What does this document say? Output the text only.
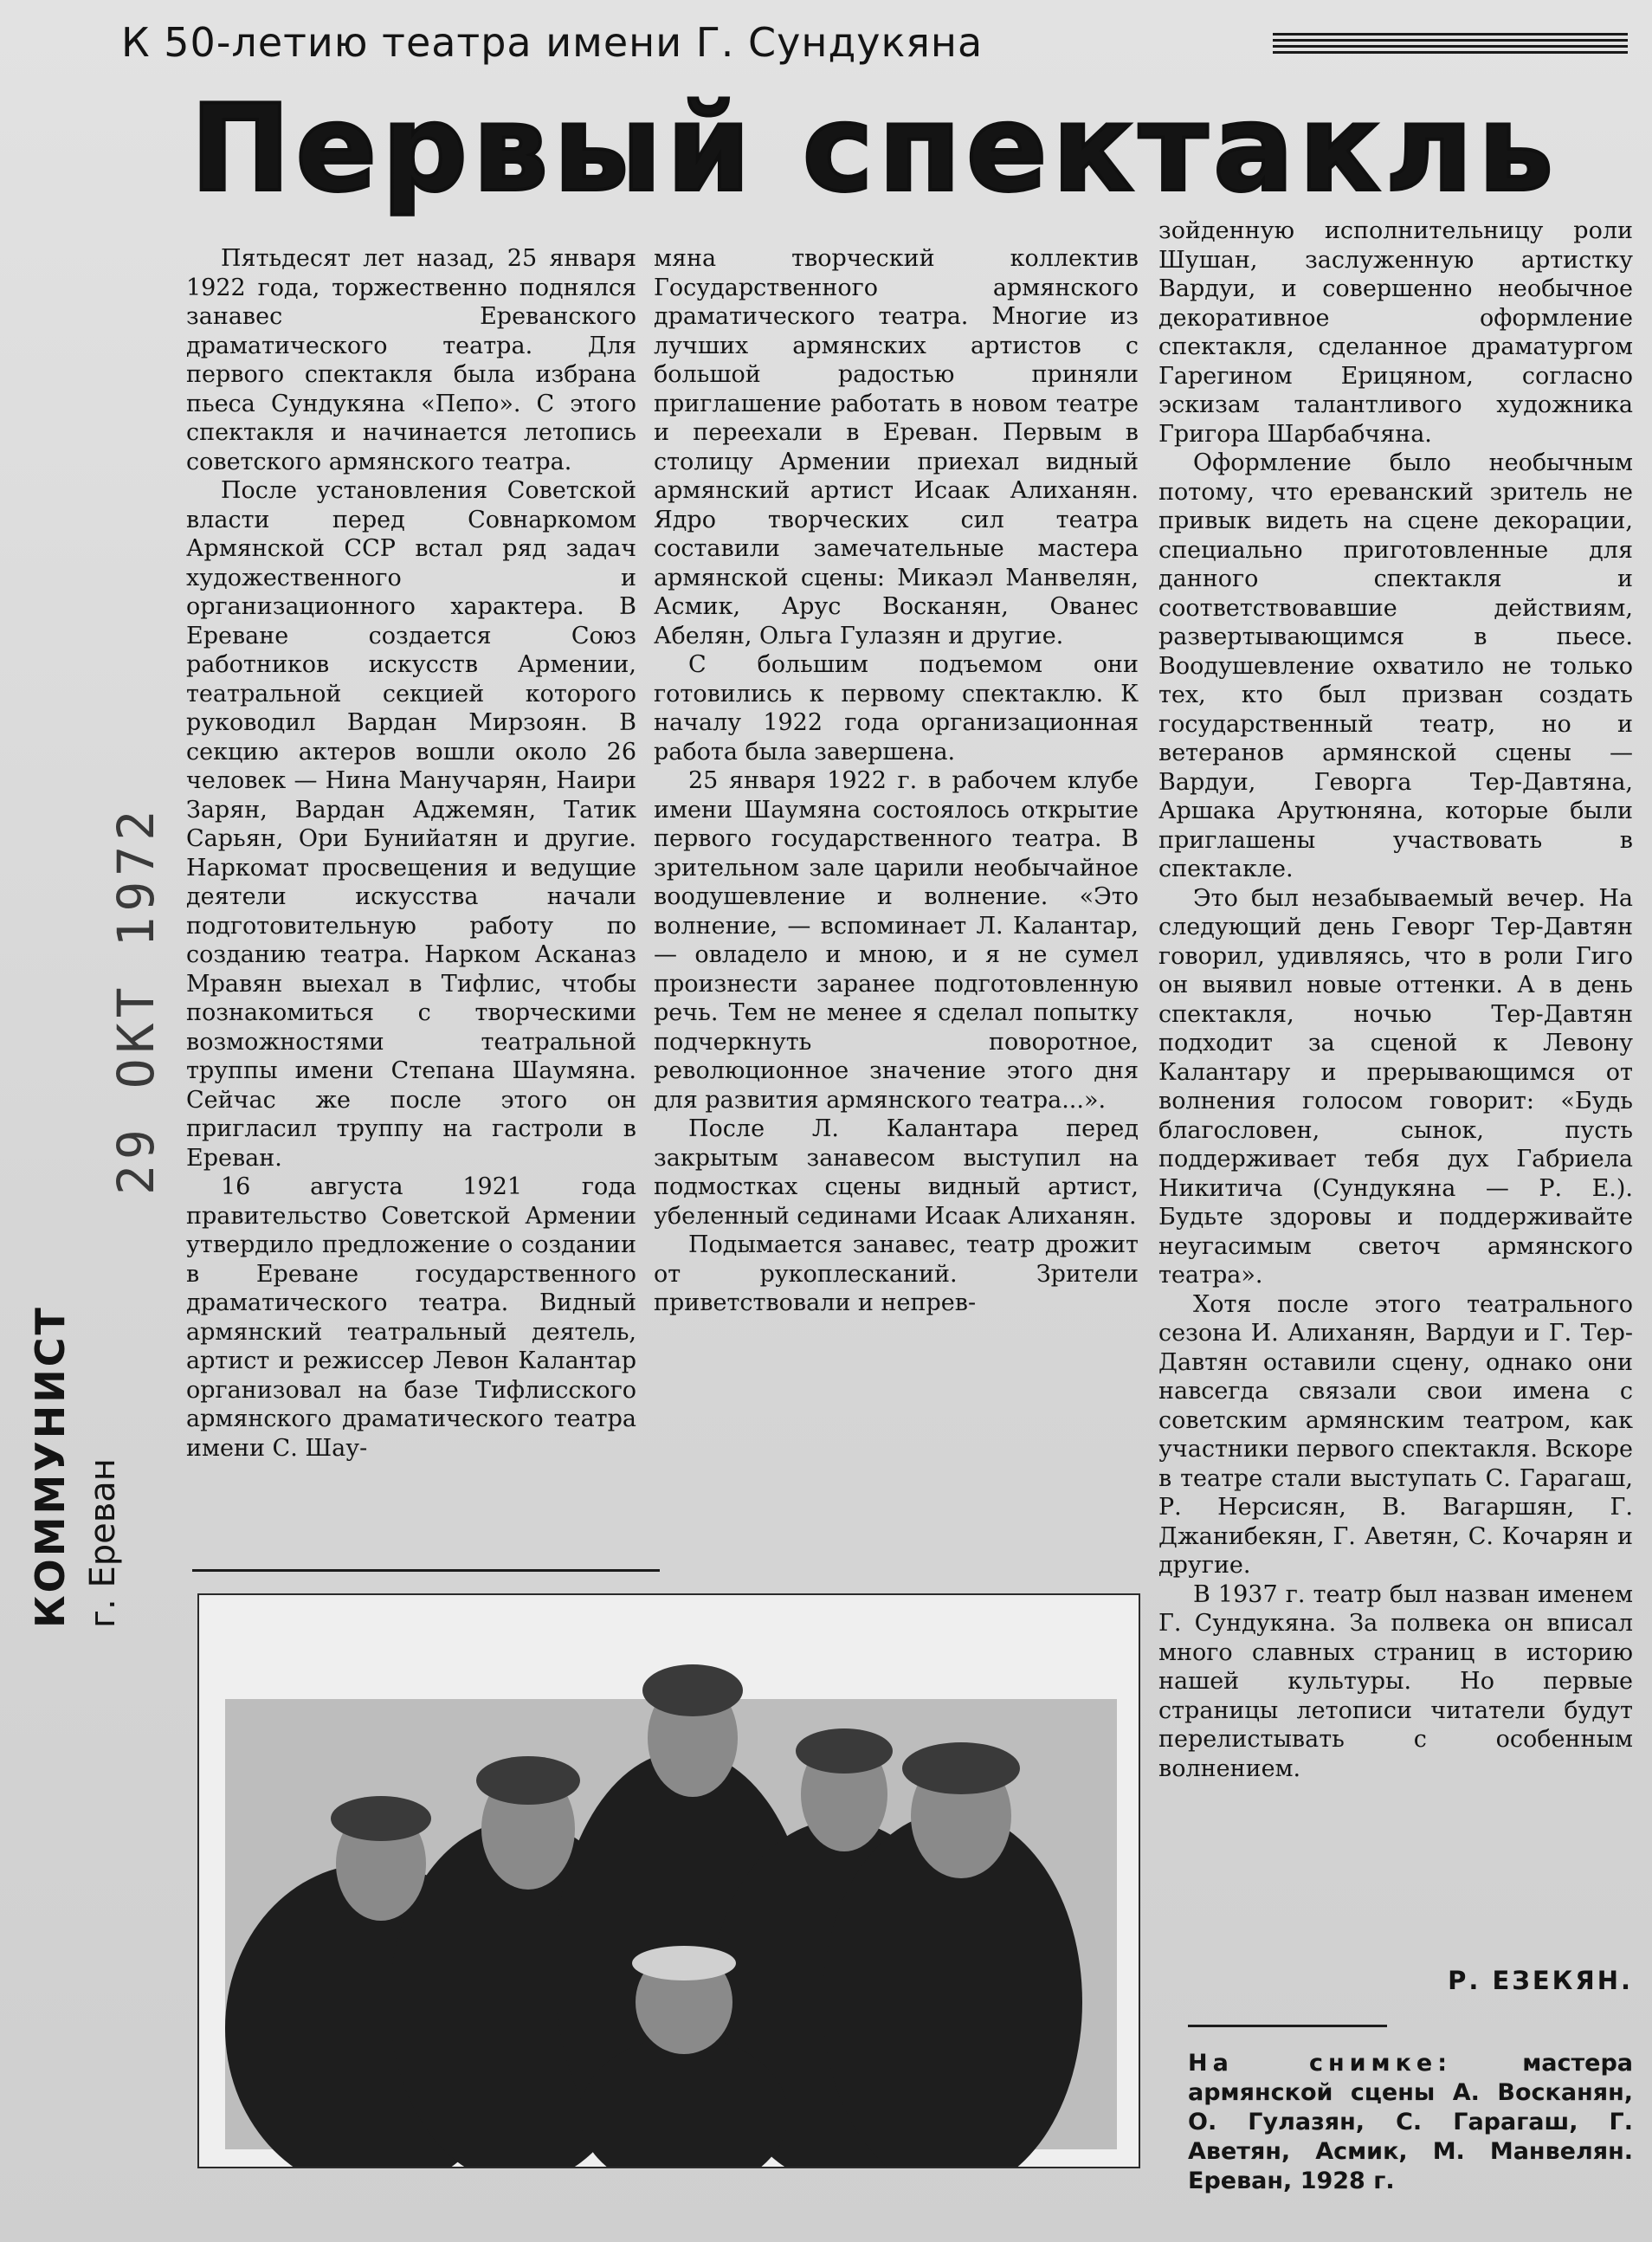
К 50-летию театра имени Г. Сундукяна
Первый спектакль
КОММУНИСТ г. Ереван
29 ОКТ 1972

Пятьдесят лет назад, 25 января 1922 года, торжественно поднялся занавес Ереванского драматического театра. Для первого спектакля была избрана пьеса Сундукяна «Пепо». С этого спектакля и начинается летопись советского армянского театра.

После установления Советской власти перед Совнаркомом Армянской ССР встал ряд задач художественного и организационного характера. В Ереване создается Союз работников искусств Армении, театральной секцией которого руководил Вардан Мирзоян. В секцию актеров вошли около 26 человек — Нина Манучарян, Наири Зарян, Вардан Аджемян, Татик Сарьян, Ори Бунийатян и другие. Наркомат просвещения и ведущие деятели искусства начали подготовительную работу по созданию театра. Нарком Асканаз Мравян выехал в Тифлис, чтобы познакомиться с творческими возможностями театральной труппы имени Степана Шаумяна. Сейчас же после этого он пригласил труппу на гастроли в Ереван.

16 августа 1921 года правительство Советской Армении утвердило предложение о создании в Ереване государственного драматического театра. Видный армянский театральный деятель, артист и режиссер Левон Калантар организовал на базе Тифлисского армянского драматического театра имени С. Шау-

мяна творческий коллектив Государственного армянского драматического театра. Многие из лучших армянских артистов с большой радостью приняли приглашение работать в новом театре и переехали в Ереван. Первым в столицу Армении приехал видный армянский артист Исаак Алиханян. Ядро творческих сил театра составили замечательные мастера армянской сцены: Микаэл Манвелян, Асмик, Арус Восканян, Ованес Абелян, Ольга Гулазян и другие.

С большим подъемом они готовились к первому спектаклю. К началу 1922 года организационная работа была завершена.

25 января 1922 г. в рабочем клубе имени Шаумяна состоялось открытие первого государственного театра. В зрительном зале царили необычайное воодушевление и волнение. «Это волнение, — вспоминает Л. Калантар, — овладело и мною, и я не сумел произнести заранее подготовленную речь. Тем не менее я сделал попытку подчеркнуть поворотное, революционное значение этого дня для развития армянского театра...».

После Л. Калантара перед закрытым занавесом выступил на подмостках сцены видный артист, убеленный сединами Исаак Алиханян.

Подымается занавес, театр дрожит от рукоплесканий. Зрители приветствовали и непрев-

зойденную исполнительницу роли Шушан, заслуженную артистку Вардуи, и совершенно необычное декоративное оформление спектакля, сделанное драматургом Гарегином Ерицяном, согласно эскизам талантливого художника Григора Шарбабчяна.

Оформление было необычным потому, что ереванский зритель не привык видеть на сцене декорации, специально приготовленные для данного спектакля и соответствовавшие действиям, развертывающимся в пьесе. Воодушевление охватило не только тех, кто был призван создать государственный театр, но и ветеранов армянской сцены — Вардуи, Геворга Тер-Давтяна, Аршака Арутюняна, которые были приглашены участвовать в спектакле.

Это был незабываемый вечер. На следующий день Геворг Тер-Давтян говорил, удивляясь, что в роли Гиго он выявил новые оттенки. А в день спектакля, ночью Тер-Давтян подходит за сценой к Левону Калантару и прерывающимся от волнения голосом говорит: «Будь благословен, сынок, пусть поддерживает тебя дух Габриела Никитича (Сундукяна — Р. Е.). Будьте здоровы и поддерживайте неугасимым светоч армянского театра».

Хотя после этого театрального сезона И. Алиханян, Вардуи и Г. Тер-Давтян оставили сцену, однако они навсегда связали свои имена с советским армянским театром, как участники первого спектакля. Вскоре в театре стали выступать С. Гарагаш, Р. Нерсисян, В. Вагаршян, Г. Джанибекян, Г. Аветян, С. Кочарян и другие.

В 1937 г. театр был назван именем Г. Сундукяна. За полвека он вписал много славных страниц в историю нашей культуры. Но первые страницы летописи читатели будут перелистывать с особенным волнением.

Р. ЕЗЕКЯН.
На снимке:	мастера армянской сцены А. Восканян, О. Гулазян, С. Гарагаш, Г. Аветян, Асмик, М. Манвелян. Ереван, 1928 г.
